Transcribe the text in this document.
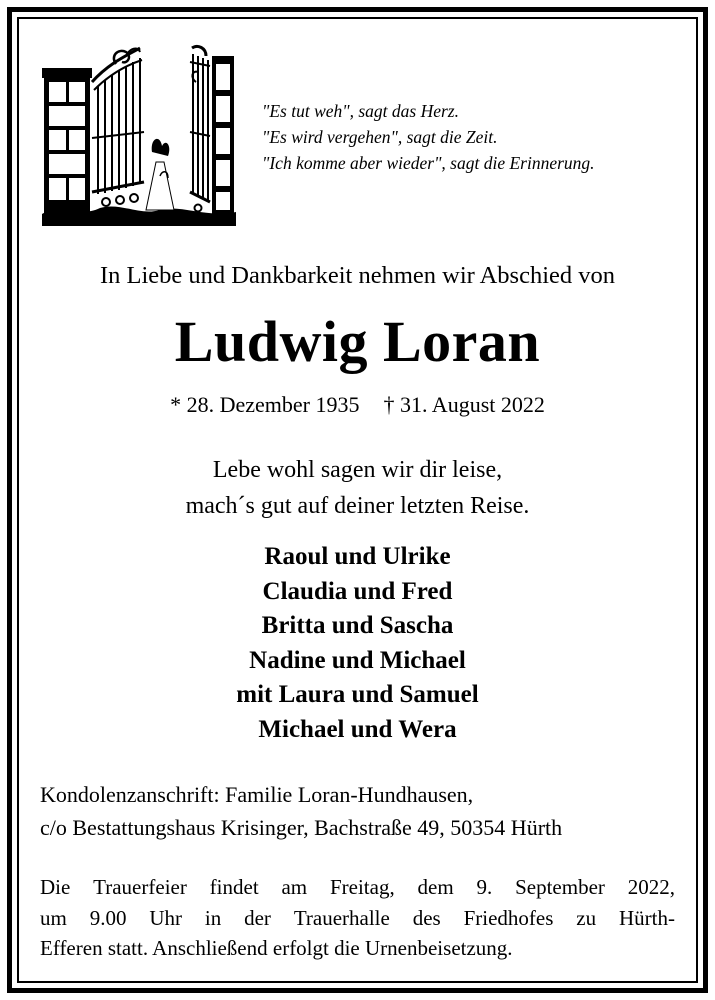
"Es tut weh", sagt das Herz.
"Es wird vergehen", sagt die Zeit.
"Ich komme aber wieder", sagt die Erinnerung.
In Liebe und Dankbarkeit nehmen wir Abschied von
Ludwig Loran
* 28. Dezember 1935 † 31. August 2022
Lebe wohl sagen wir dir leise,
mach´s gut auf deiner letzten Reise.
Raoul und Ulrike
Claudia und Fred
Britta und Sascha
Nadine und Michael
mit Laura und Samuel
Michael und Wera
Kondolenzanschrift: Familie Loran-Hundhausen,
c/o Bestattungshaus Krisinger, Bachstraße 49, 50354 Hürth
Die Trauerfeier findet am Freitag, dem 9. September 2022,
um 9.00 Uhr in der Trauerhalle des Friedhofes zu Hürth-
Efferen statt. Anschließend erfolgt die Urnenbeisetzung.
